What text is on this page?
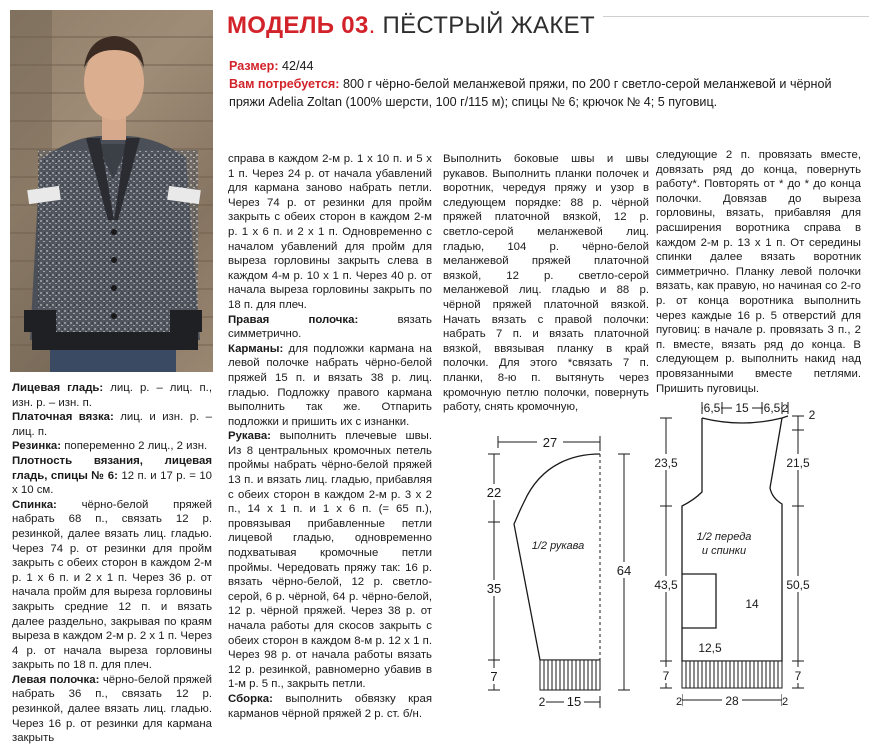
МОДЕЛЬ 03. ПЁСТРЫЙ ЖАКЕТ
Размер: 42/44
Вам потребуется: 800 г чёрно-белой меланжевой пряжи, по 200 г светло-серой меланжевой и чёрной пряжи Adelia Zoltan (100% шерсти, 100 г/115 м); спицы № 6; крючок № 4; 5 пуговиц.

Лицевая гладь: лиц. р. – лиц. п., изн. р. – изн. п.

Платочная вязка: лиц. и изн. р. – лиц. п.

Резинка: попеременно 2 лиц., 2 изн.

Плотность вязания, лицевая гладь, спицы № 6: 12 п. и 17 р. = 10 х 10 см.

Спинка: чёрно-белой пряжей набрать 68 п., связать 12 р. резинкой, далее вязать лиц. гладью. Через 74 р. от резинки для пройм закрыть с обеих сторон в каждом 2-м р. 1 х 6 п. и 2 х 1 п. Через 36 р. от начала пройм для выреза горловины закрыть средние 12 п. и вязать далее раздельно, закрывая по краям выреза в каждом 2-м р. 2 х 1 п. Через 4 р. от начала выреза горловины закрыть по 18 п. для плеч.

Левая полочка: чёрно-белой пряжей набрать 36 п., связать 12 р. резинкой, далее вязать лиц. гладью. Через 16 р. от резинки для кармана закрыть

справа в каждом 2-м р. 1 х 10 п. и 5 х 1 п. Через 24 р. от начала убавлений для кармана заново набрать петли. Через 74 р. от резинки для пройм закрыть с обеих сторон в каждом 2-м р. 1 х 6 п. и 2 х 1 п. Одновременно с началом убавлений для пройм для выреза горловины закрыть слева в каждом 4-м р. 10 х 1 п. Через 40 р. от начала выреза горловины закрыть по 18 п. для плеч.

Правая полочка:	вязать симметрично.

Карманы: для подложки кармана на левой полочке набрать чёрно-белой пряжей 15 п. и вязать 38 р. лиц. гладью. Подложку правого кармана выполнить так же. Отпарить подложки и пришить их с изнанки.

Рукава: выполнить плечевые швы. Из 8 центральных кромочных петель проймы набрать чёрно-белой пряжей 13 п. и вязать лиц. гладью, прибавляя с обеих сторон в каждом 2-м р. 3 х 2 п., 14 х 1 п. и 1 х 6 п. (= 65 п.), провязывая прибавленные петли лицевой гладью, одновременно подхватывая кромочные петли проймы. Чередовать пряжу так: 16 р. вязать чёрно-белой, 12 р. светло-серой, 6 р. чёрной, 64 р. чёрно-белой, 12 р. чёрной пряжей. Через 38 р. от начала работы для скосов закрыть с обеих сторон в каждом 8-м р. 12 х 1 п. Через 98 р. от начала работы вязать 12 р. резинкой, равномерно убавив в 1-м р. 5 п., закрыть петли.

Сборка: выполнить обвязку края карманов чёрной пряжей 2 р. ст. б/н.

Выполнить боковые швы и швы рукавов. Выполнить планки полочек и воротник, чередуя пряжу и узор в следующем порядке: 88 р. чёрной пряжей платочной вязкой, 12 р. светло-серой меланжевой лиц. гладью, 104 р. чёрно-белой меланжевой пряжей платочной вязкой, 12 р. светло-серой меланжевой лиц. гладью и 88 р. чёрной пряжей платочной вязкой. Начать вязать с правой полочки: набрать 7 п. и вязать платочной вязкой, ввязывая планку в край полочки. Для этого *связать 7 п. планки, 8-ю п. вытянуть через кромочную петлю полочки, повернуть работу, снять кромочную,

следующие 2 п. провязать вместе, довязать ряд до конца, повернуть работу*. Повторять от * до * до конца полочки. Довязав до выреза горловины, вязать, прибавляя для расширения воротника справа в каждом 2-м р. 13 х 1 п. От середины спинки далее вязать воротник симметрично. Планку левой полочки вязать, как правую, но начиная со 2-го р. от конца воротника выполнить через каждые 16 р. 5 отверстий для пуговиц: в начале р. провязать 3 п., 2 п. вместе, вязать ряд до конца. В следующем р. выполнить накид над провязанными вместе петлями. Пришить пуговицы.

27
22
35
7
64
2 15
1/2 рукава
6,5 15 6,5 2 2
23,5
43,5
7
21,5
50,5
7
1/2 переда
и спинки
14
12,5
2	28	2
